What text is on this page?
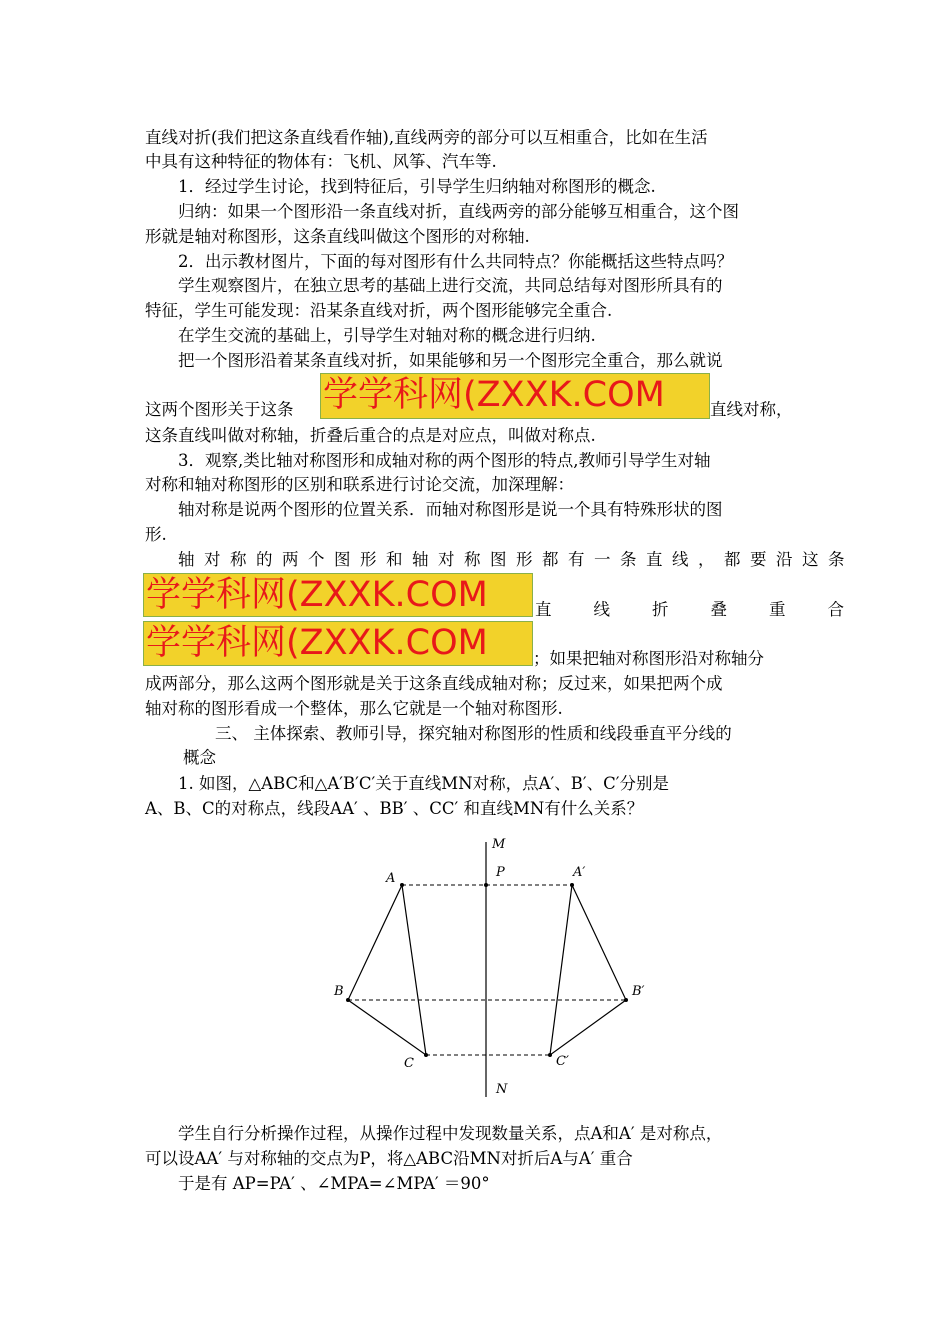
直线对折(我们把这条直线看作轴),直线两旁的部分可以互相重合，比如在生活
中具有这种特征的物体有：飞机、风筝、汽车等.
1．经过学生讨论，找到特征后，引导学生归纳轴对称图形的概念.
归纳：如果一个图形沿一条直线对折，直线两旁的部分能够互相重合，这个图
形就是轴对称图形，这条直线叫做这个图形的对称轴.
2．出示教材图片，下面的每对图形有什么共同特点？你能概括这些特点吗？
学生观察图片，在独立思考的基础上进行交流，共同总结每对图形所具有的
特征，学生可能发现：沿某条直线对折，两个图形能够完全重合.
在学生交流的基础上，引导学生对轴对称的概念进行归纳.
把一个图形沿着某条直线对折，如果能够和另一个图形完全重合，那么就说
这两个图形关于这条 学学科网(ZXXK.COM	直线对称，
这条直线叫做对称轴，折叠后重合的点是对应点，叫做对称点.
3．观察,类比轴对称图形和成轴对称的两个图形的特点,教师引导学生对轴
对称和轴对称图形的区别和联系进行讨论交流，加深理解：
轴对称是说两个图形的位置关系．而轴对称图形是说一个具有特殊形状的图
形.
轴对称的两个图形和轴对称图形都有一条直线，都要沿这条
学学科网(ZXXK.COM	直线折叠重合
学学科网(ZXXK.COM	；如果把轴对称图形沿对称轴分
成两部分，那么这两个图形就是关于这条直线成轴对称；反过来，如果把两个成
轴对称的图形看成一个整体，那么它就是一个轴对称图形.
三、 主体探索、教师引导，探究轴对称图形的性质和线段垂直平分线的
概念
1. 如图，△ABC和△A′B′C′关于直线MN对称，点A′、B′、C′分别是
A、B、C的对称点，线段AA′ 、BB′ 、CC′ 和直线MN有什么关系？
M
P
A	A′
B	B′
C	C′
N
学生自行分析操作过程，从操作过程中发现数量关系，点A和A′ 是对称点，
可以设AA′ 与对称轴的交点为P，将△ABC沿MN对折后A与A′ 重合
于是有 AP=PA′ 、∠MPA=∠MPA′ ＝90°
